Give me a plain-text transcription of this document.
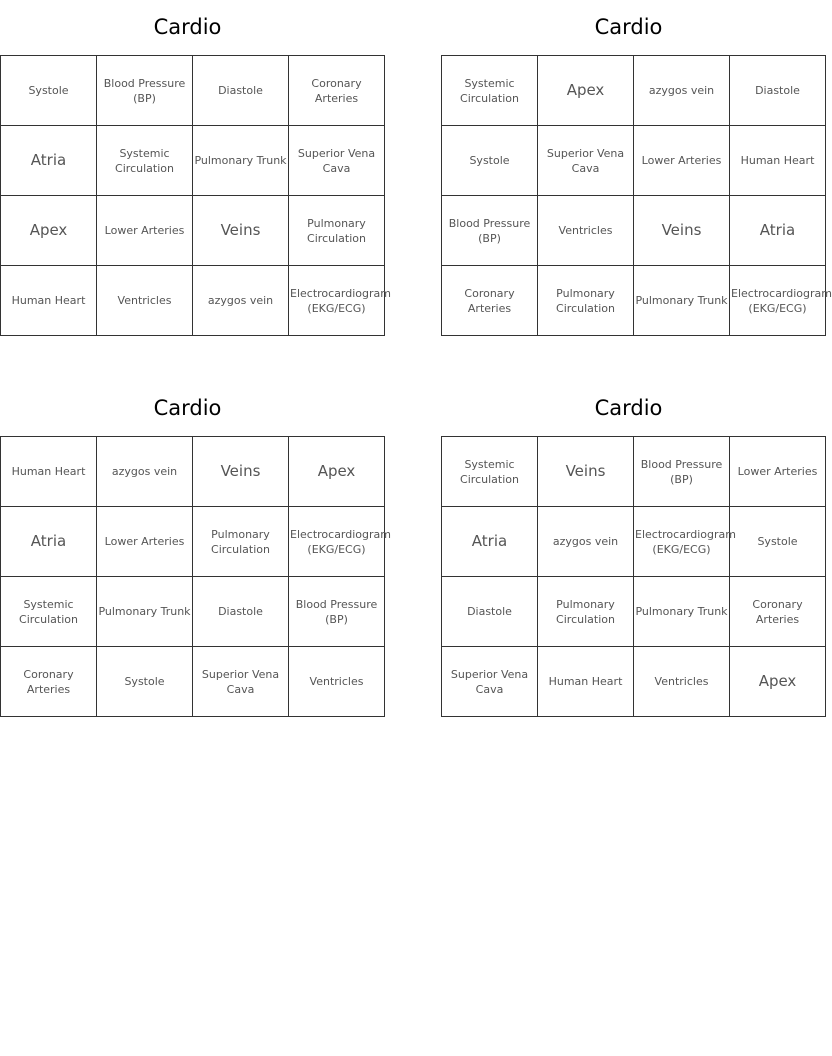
Cardio
Systole	Blood Pressure (BP)	Diastole	Coronary Arteries
Atria	Systemic Circulation	Pulmonary Trunk	Superior Vena Cava
Apex	Lower Arteries	Veins	Pulmonary Circulation
Human Heart	Ventricles	azygos vein	Electrocardiogram (EKG/ECG)
Cardio
Systemic Circulation	Apex	azygos vein	Diastole
Systole	Superior Vena Cava	Lower Arteries	Human Heart
Blood Pressure (BP)	Ventricles	Veins	Atria
Coronary Arteries	Pulmonary Circulation	Pulmonary Trunk	Electrocardiogram (EKG/ECG)
Cardio
Human Heart	azygos vein	Veins	Apex
Atria	Lower Arteries	Pulmonary Circulation	Electrocardiogram (EKG/ECG)
Systemic Circulation	Pulmonary Trunk	Diastole	Blood Pressure (BP)
Coronary Arteries	Systole	Superior Vena Cava	Ventricles
Cardio
Systemic Circulation	Veins	Blood Pressure (BP)	Lower Arteries
Atria	azygos vein	Electrocardiogram (EKG/ECG)	Systole
Diastole	Pulmonary Circulation	Pulmonary Trunk	Coronary Arteries
Superior Vena Cava	Human Heart	Ventricles	Apex
